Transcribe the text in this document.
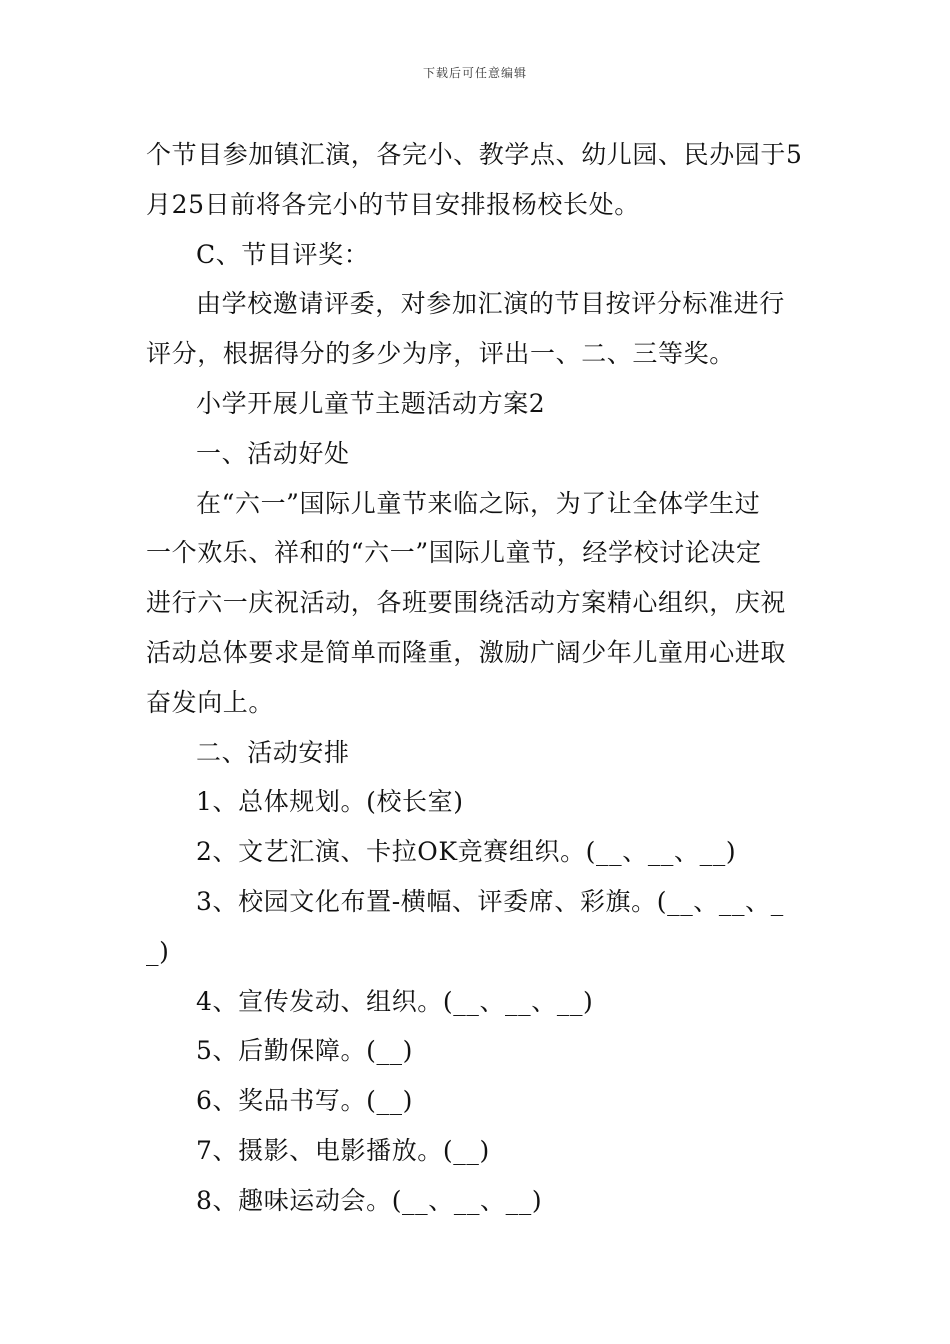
下载后可任意编辑
个节目参加镇汇演，各完小、教学点、幼儿园、民办园于5
月25日前将各完小的节目安排报杨校长处。
C、节目评奖：
由学校邀请评委，对参加汇演的节目按评分标准进行
评分，根据得分的多少为序，评出一、二、三等奖。
小学开展儿童节主题活动方案2
一、活动好处
在“六一”国际儿童节来临之际，为了让全体学生过
一个欢乐、祥和的“六一”国际儿童节，经学校讨论决定
进行六一庆祝活动，各班要围绕活动方案精心组织，庆祝
活动总体要求是简单而隆重，激励广阔少年儿童用心进取
奋发向上。
二、活动安排
1、总体规划。(校长室)
2、文艺汇演、卡拉OK竞赛组织。(__、__、__)
3、校园文化布置-横幅、评委席、彩旗。(__、__、_
_)
4、宣传发动、组织。(__、__、__)
5、后勤保障。(__)
6、奖品书写。(__)
7、摄影、电影播放。(__)
8、趣味运动会。(__、__、__)
